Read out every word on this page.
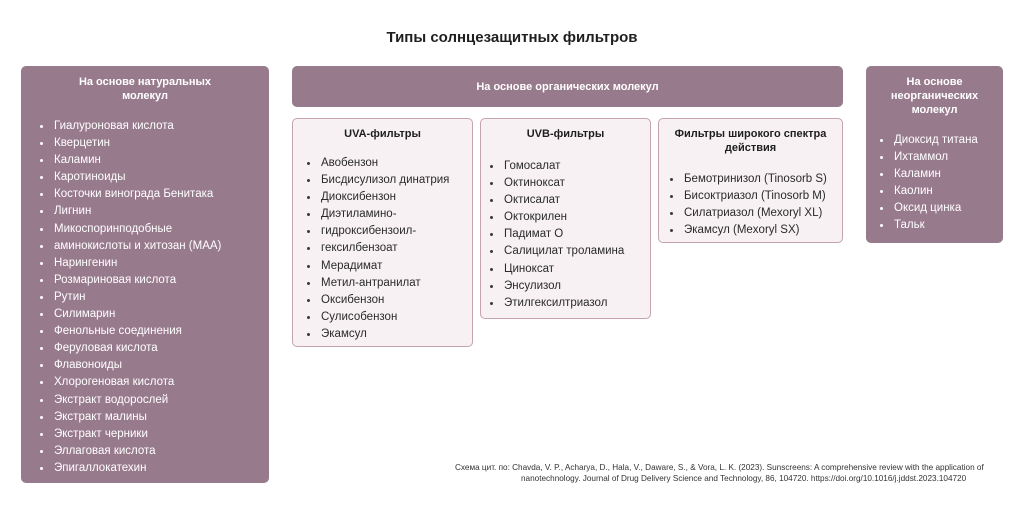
Типы солнцезащитных фильтров
На основе натуральных
молекул
Гиалуроновая кислота
Кверцетин
Каламин
Каротиноиды
Косточки винограда Бенитака
Лигнин
Микоспоринподобные
аминокислоты и хитозан (МАА)
Нарингенин
Розмариновая кислота
Рутин
Силимарин
Фенольные соединения
Феруловая кислота
Флавоноиды
Хлорогеновая кислота
Экстракт водорослей
Экстракт малины
Экстракт черники
Эллаговая кислота
Эпигаллокатехин
На основе органических молекул
UVA-фильтры
Авобензон
Бисдисулизол динатрия
Диоксибензон
Диэтиламино-
гидроксибензоил-
гексилбензоат
Мерадимат
Метил-антранилат
Оксибензон
Сулисобензон
Экамсул
UVB-фильтры
Гомосалат
Октинoксат
Октисалат
Октокрилен
Падимат О
Салицилат троламина
Циноксат
Энсулизол
Этилгексилтриазол
Фильтры широкого спектра
действия
Бемотринизол (Tinosorb S)
Бисоктриазол (Tinosorb M)
Силатриазол (Mexoryl XL)
Экамсул (Mexoryl SX)
На основе
неорганических
молекул
Диоксид титана
Ихтаммол
Каламин
Каолин
Оксид цинка
Тальк
Схема цит. по: Chavda, V. P., Acharya, D., Hala, V., Daware, S., & Vora, L. K. (2023). Sunscreens: A comprehensive review with the application of
nanotechnology. Journal of Drug Delivery Science and Technology, 86, 104720. https://doi.org/10.1016/j.jddst.2023.104720
